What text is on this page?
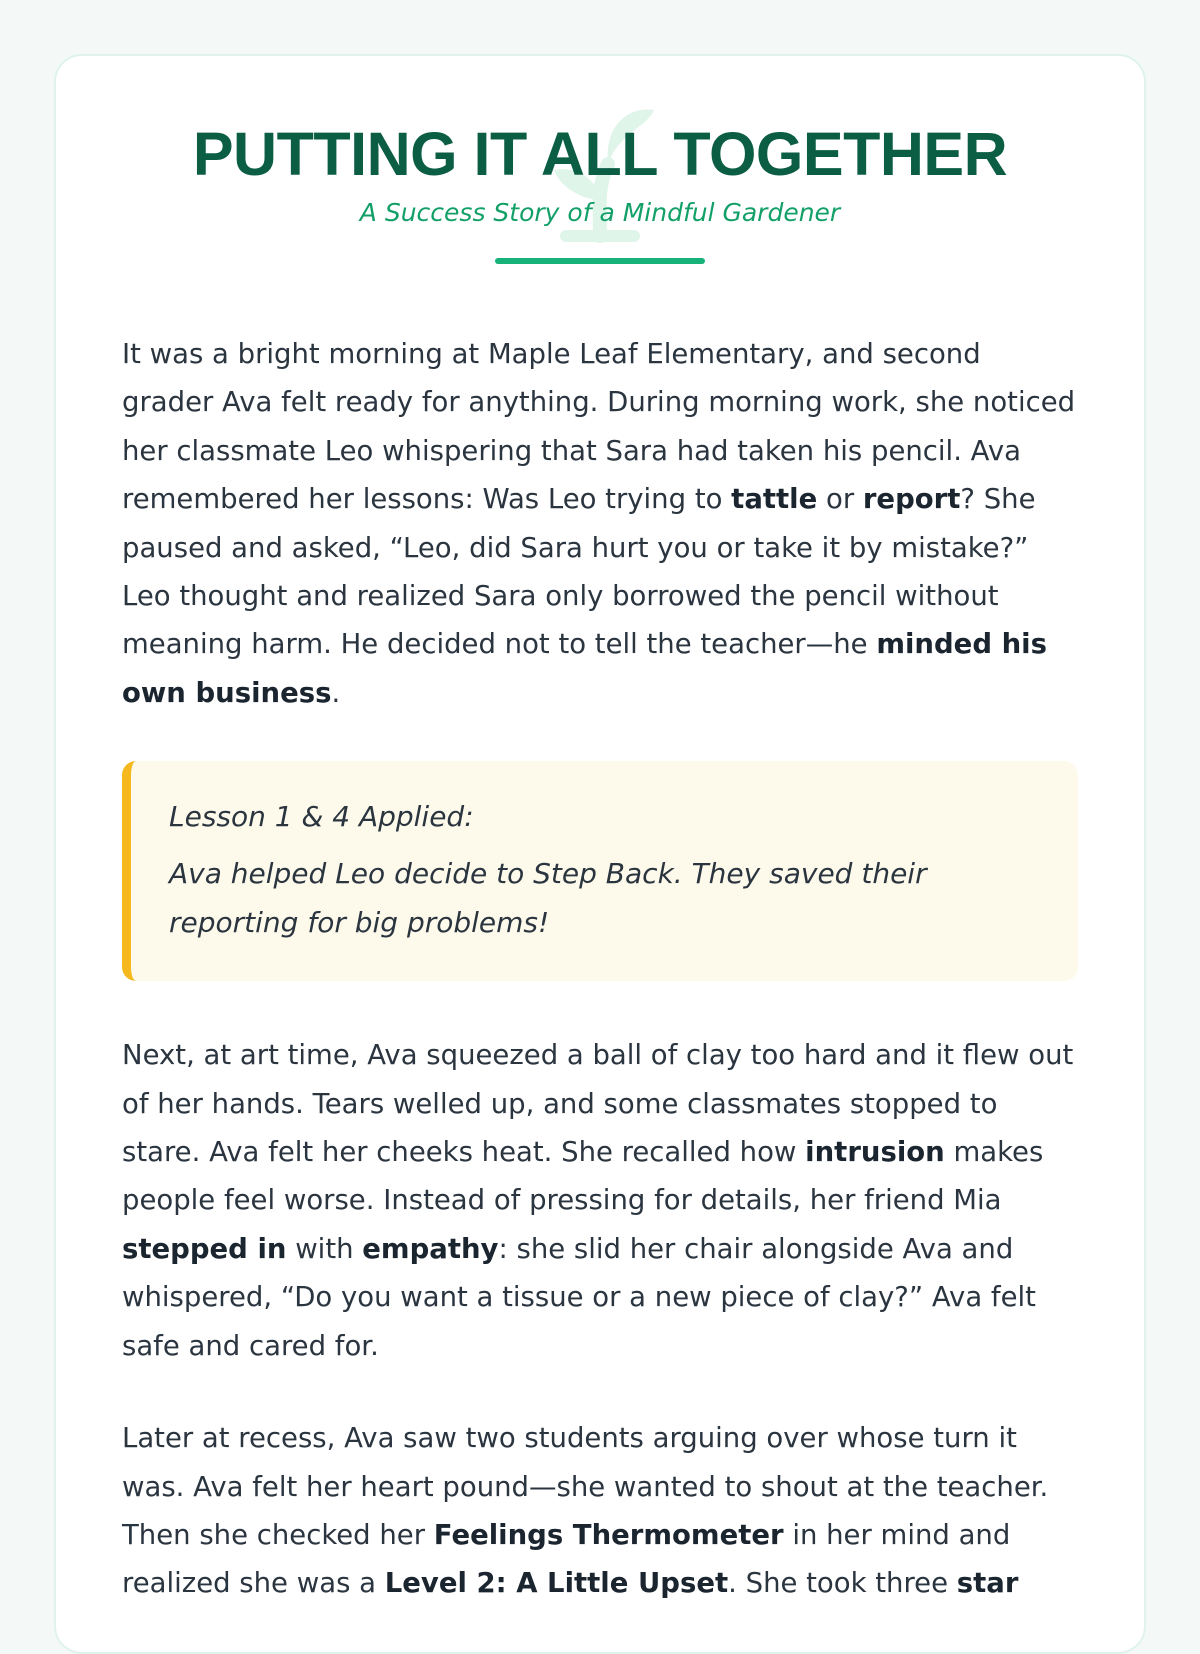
PUTTING IT ALL TOGETHER

A Success Story of a Mindful Gardener

It was a bright morning at Maple Leaf Elementary, and second grader Ava felt ready for anything. During morning work, she noticed her classmate Leo whispering that Sara had taken his pencil. Ava remembered her lessons: Was Leo trying to tattle or report? She paused and asked, “Leo, did Sara hurt you or take it by mistake?” Leo thought and realized Sara only borrowed the pencil without meaning harm. He decided not to tell the teacher—he minded his own business.

Lesson 1 & 4 Applied:

Ava helped Leo decide to Step Back. They saved their reporting for big problems!

Next, at art time, Ava squeezed a ball of clay too hard and it flew out of her hands. Tears welled up, and some classmates stopped to stare. Ava felt her cheeks heat. She recalled how intrusion makes people feel worse. Instead of pressing for details, her friend Mia stepped in with empathy: she slid her chair alongside Ava and whispered, “Do you want a tissue or a new piece of clay?” Ava felt safe and cared for.

Later at recess, Ava saw two students arguing over whose turn it was. Ava felt her heart pound—she wanted to shout at the teacher. Then she checked her Feelings Thermometer in her mind and realized she was a Level 2: A Little Upset. She took three star
